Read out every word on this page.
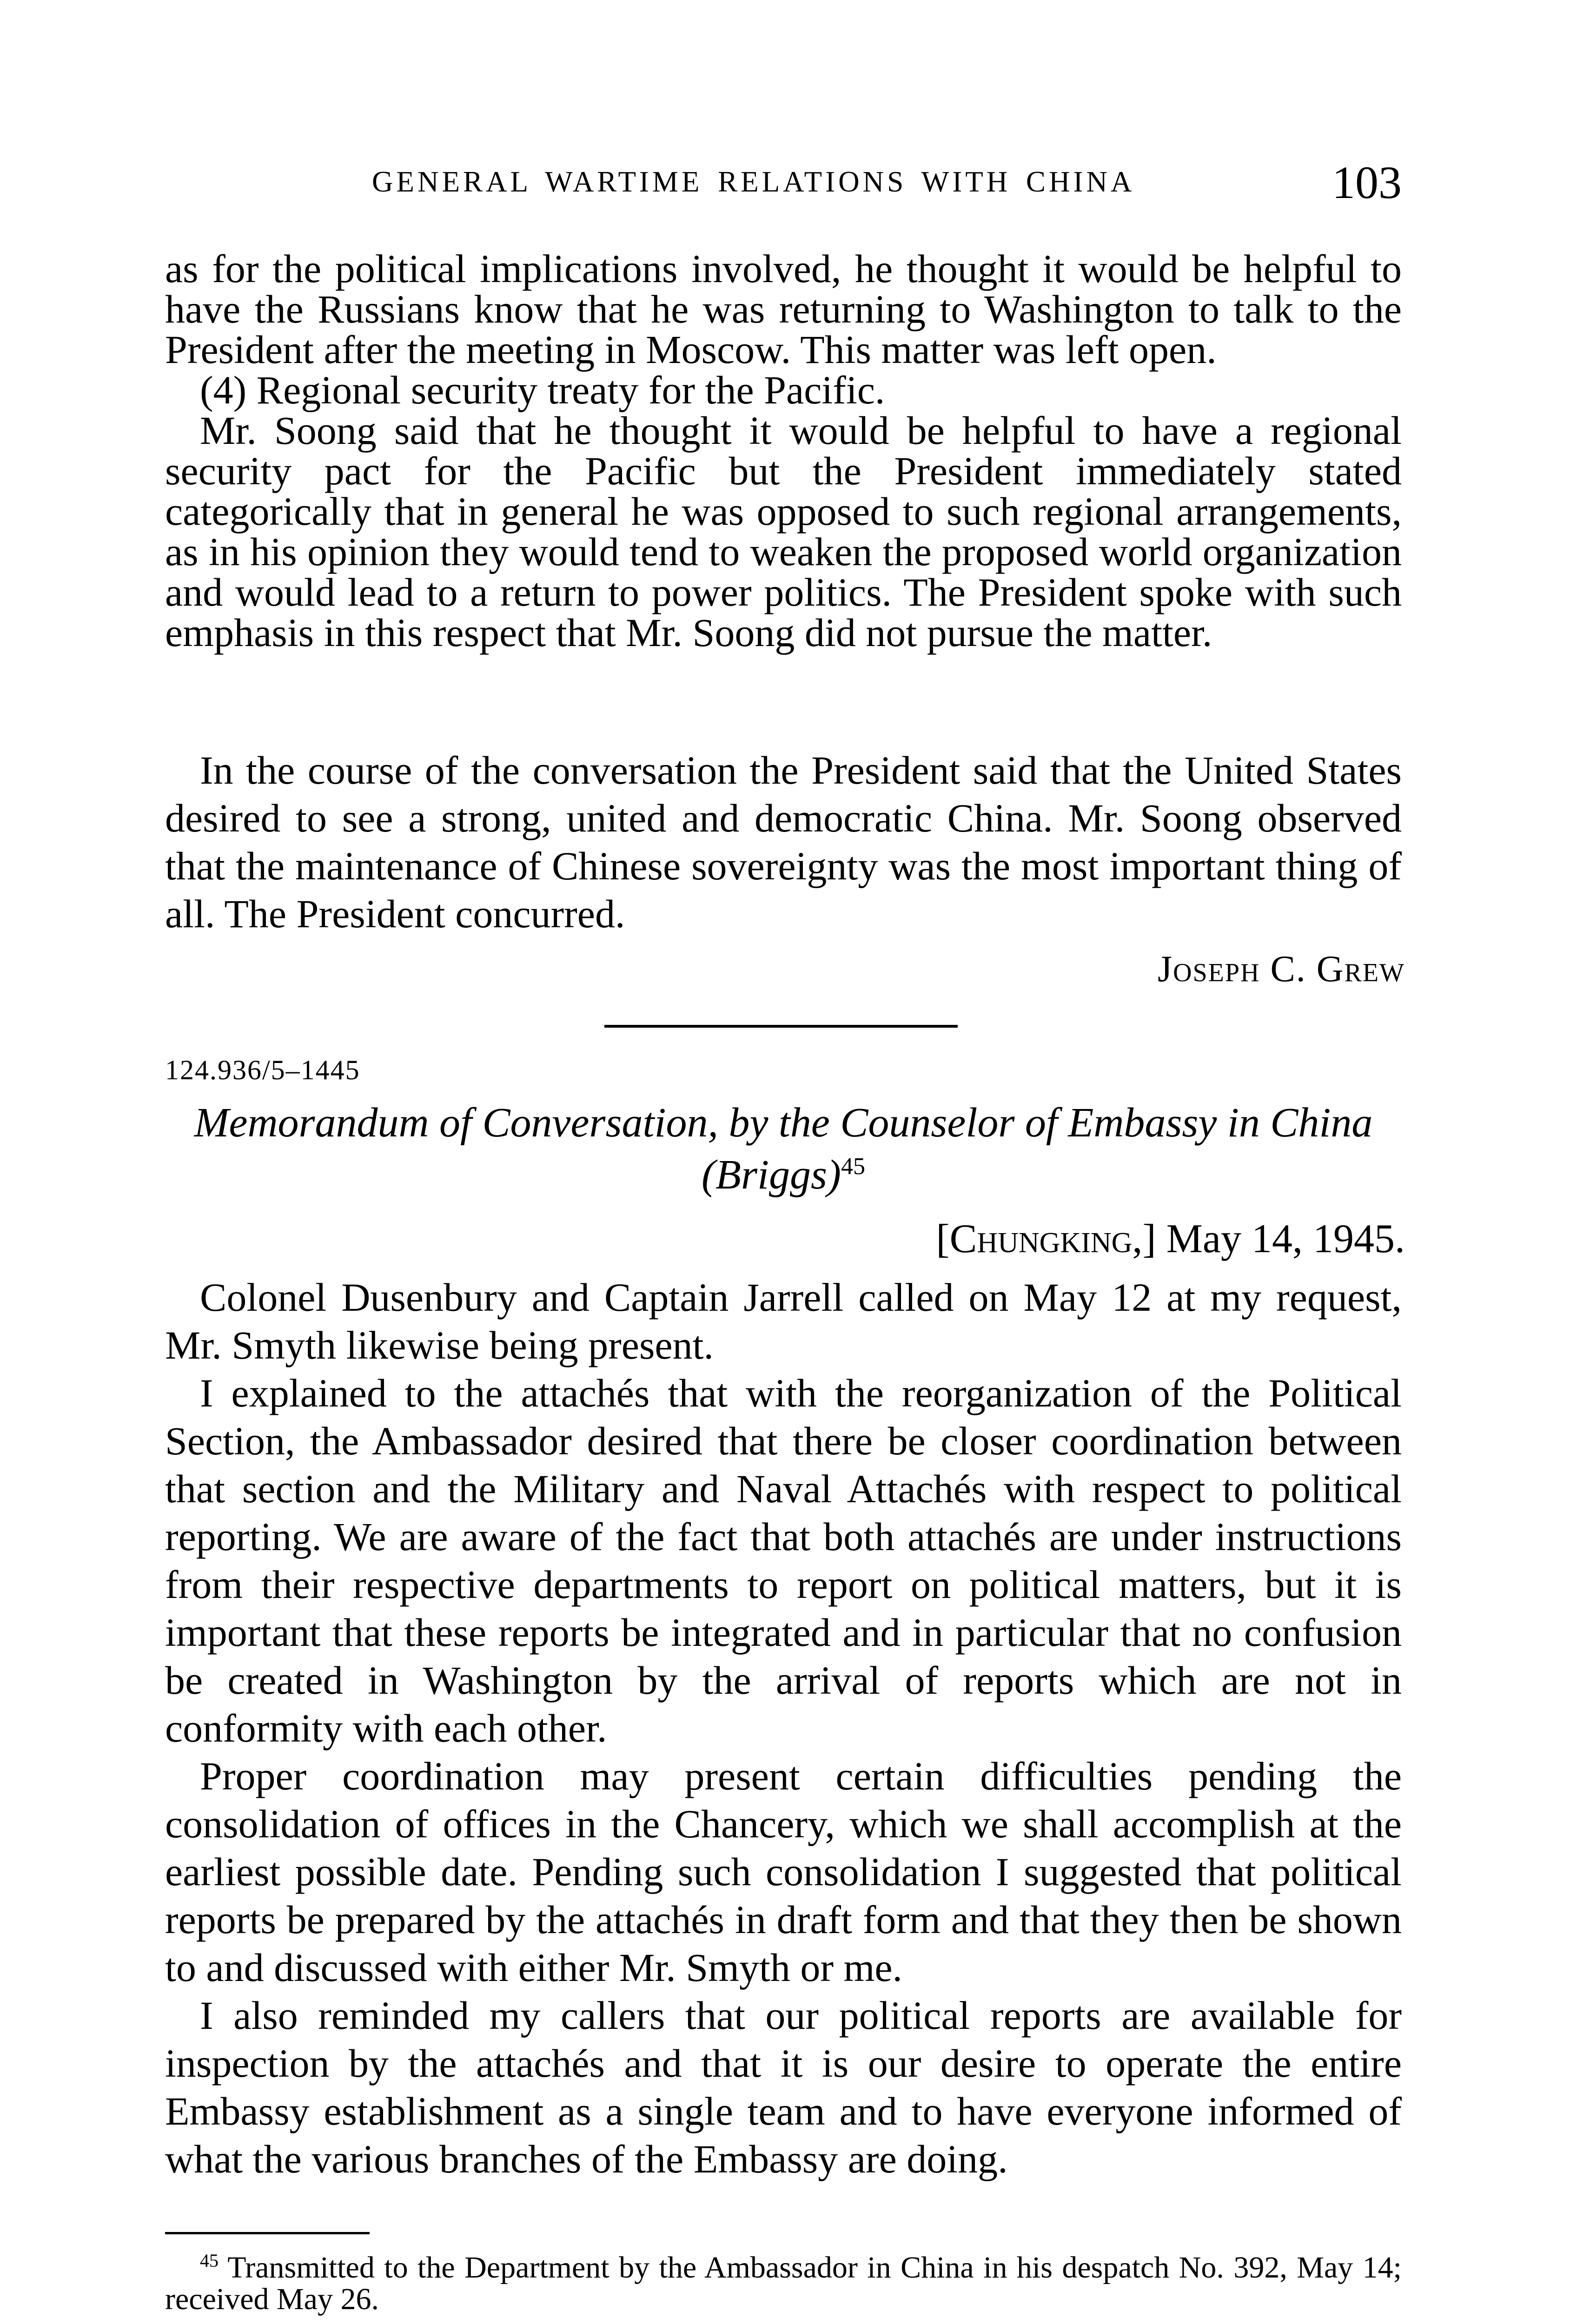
GENERAL WARTIME RELATIONS WITH CHINA	103

as for the political implications involved, he thought it would be helpful to have the Russians know that he was returning to Washington to talk to the President after the meeting in Moscow. This matter was left open.

(4) Regional security treaty for the Pacific.

Mr. Soong said that he thought it would be helpful to have a regional security pact for the Pacific but the President immediately stated categorically that in general he was opposed to such regional arrangements, as in his opinion they would tend to weaken the proposed world organization and would lead to a return to power politics. The President spoke with such emphasis in this respect that Mr. Soong did not pursue the matter.

In the course of the conversation the President said that the United States desired to see a strong, united and democratic China. Mr. Soong observed that the maintenance of Chinese sovereignty was the most important thing of all. The President concurred.

Joseph C. Grew
124.936/5–1445
Memorandum of Conversation, by the Counselor of Embassy in China (Briggs)$^{45}$
[Chungking,] May 14, 1945.

Colonel Dusenbury and Captain Jarrell called on May 12 at my request, Mr. Smyth likewise being present.

I explained to the attachés that with the reorganization of the Political Section, the Ambassador desired that there be closer coordination between that section and the Military and Naval Attachés with respect to political reporting. We are aware of the fact that both attachés are under instructions from their respective departments to report on political matters, but it is important that these reports be integrated and in particular that no confusion be created in Washington by the arrival of reports which are not in conformity with each other.

Proper coordination may present certain difficulties pending the consolidation of offices in the Chancery, which we shall accomplish at the earliest possible date. Pending such consolidation I suggested that political reports be prepared by the attachés in draft form and that they then be shown to and discussed with either Mr. Smyth or me.

I also reminded my callers that our political reports are available for inspection by the attachés and that it is our desire to operate the entire Embassy establishment as a single team and to have everyone informed of what the various branches of the Embassy are doing.

$^{45}$ Transmitted to the Department by the Ambassador in China in his despatch No. 392, May 14; received May 26.
